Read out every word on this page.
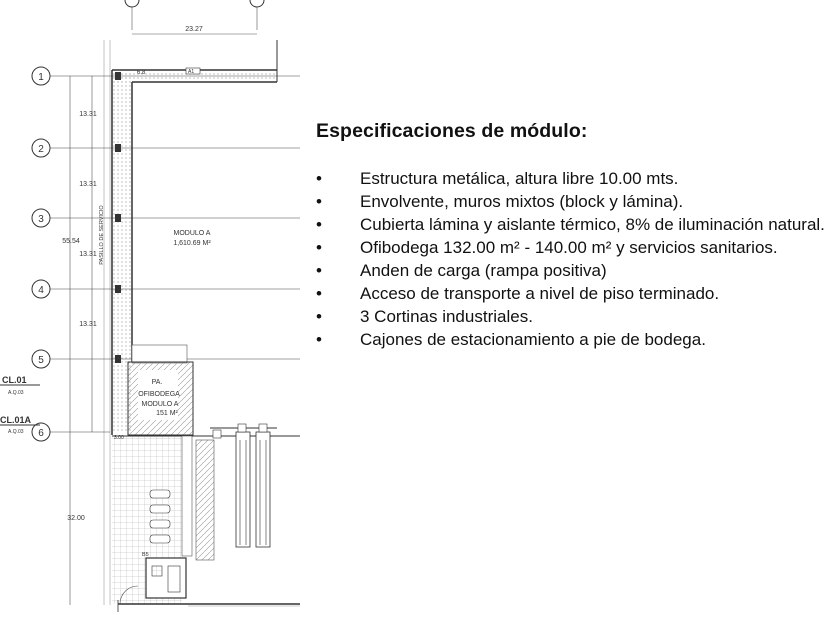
23.27
55.54
13.31
13.31
13.31
13.31
32.00
1
2
3
4
5
6
CL.01
A.Q.03
CL.01A
A.Q.03
6.8	A1
PASILLO DE SERVICIO	MODULO A
1,610.69 M²
PA.
OFIBODEGA
MODULO A
151 M²
3.00
B5
Especificaciones de módulo:
• Estructura metálica, altura libre 10.00 mts.
• Envolvente, muros mixtos (block y lámina).
• Cubierta lámina y aislante térmico, 8% de iluminación natural.
• Ofibodega 132.00 m² - 140.00 m² y servicios sanitarios.
• Anden de carga (rampa positiva)
• Acceso de transporte a nivel de piso terminado.
• 3 Cortinas industriales.
• Cajones de estacionamiento a pie de bodega.
